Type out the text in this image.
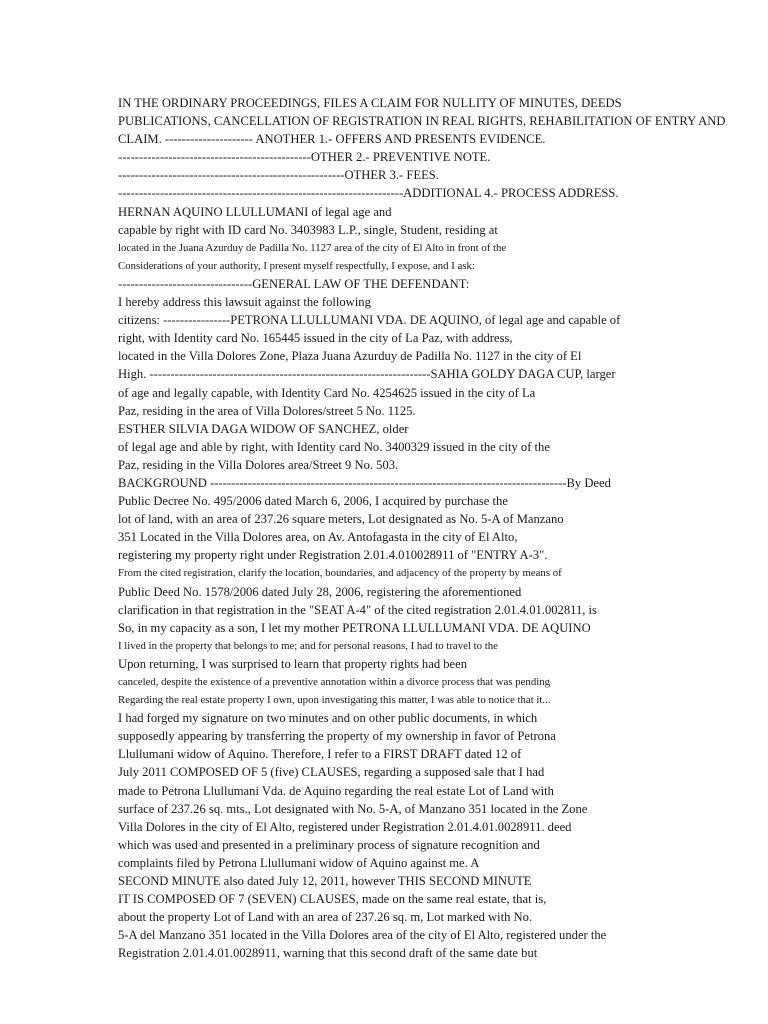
IN THE ORDINARY PROCEEDINGS, FILES A CLAIM FOR NULLITY OF MINUTES, DEEDS
PUBLICATIONS, CANCELLATION OF REGISTRATION IN REAL RIGHTS, REHABILITATION OF ENTRY AND
CLAIM. --------------------- ANOTHER 1.- OFFERS AND PRESENTS EVIDENCE.
----------------------------------------------OTHER 2.- PREVENTIVE NOTE.
------------------------------------------------------OTHER 3.- FEES.
--------------------------------------------------------------------ADDITIONAL 4.- PROCESS ADDRESS.
HERNAN AQUINO LLULLUMANI of legal age and
capable by right with ID card No. 3403983 L.P., single, Student, residing at
located in the Juana Azurduy de Padilla No. 1127 area of the city of El Alto in front of the
Considerations of your authority, I present myself respectfully, I expose, and I ask:
--------------------------------GENERAL LAW OF THE DEFENDANT:
I hereby address this lawsuit against the following
citizens: ----------------PETRONA LLULLUMANI VDA. DE AQUINO, of legal age and capable of
right, with Identity card No. 165445 issued in the city of La Paz, with address,
located in the Villa Dolores Zone, Plaza Juana Azurduy de Padilla No. 1127 in the city of El
High. -------------------------------------------------------------------SAHIA GOLDY DAGA CUP, larger
of age and legally capable, with Identity Card No. 4254625 issued in the city of La
Paz, residing in the area of Villa Dolores/street 5 No. 1125.
ESTHER SILVIA DAGA WIDOW OF SANCHEZ, older
of legal age and able by right, with Identity card No. 3400329 issued in the city of the
Paz, residing in the Villa Dolores area/Street 9 No. 503.
BACKGROUND -------------------------------------------------------------------------------------By Deed
Public Decree No. 495/2006 dated March 6, 2006, I acquired by purchase the
lot of land, with an area of 237.26 square meters, Lot designated as No. 5-A of Manzano
351 Located in the Villa Dolores area, on Av. Antofagasta in the city of El Alto,
registering my property right under Registration 2.01.4.010028911 of "ENTRY A-3".
From the cited registration, clarify the location, boundaries, and adjacency of the property by means of
Public Deed No. 1578/2006 dated July 28, 2006, registering the aforementioned
clarification in that registration in the "SEAT A-4" of the cited registration 2.01.4.01.002811, is
So, in my capacity as a son, I let my mother PETRONA LLULLUMANI VDA. DE AQUINO
I lived in the property that belongs to me; and for personal reasons, I had to travel to the
Upon returning, I was surprised to learn that property rights had been
canceled, despite the existence of a preventive annotation within a divorce process that was pending
Regarding the real estate property I own, upon investigating this matter, I was able to notice that it...
I had forged my signature on two minutes and on other public documents, in which
supposedly appearing by transferring the property of my ownership in favor of Petrona
Llullumani widow of Aquino. Therefore, I refer to a FIRST DRAFT dated 12 of
July 2011 COMPOSED OF 5 (five) CLAUSES, regarding a supposed sale that I had
made to Petrona Llullumani Vda. de Aquino regarding the real estate Lot of Land with
surface of 237.26 sq. mts., Lot designated with No. 5-A, of Manzano 351 located in the Zone
Villa Dolores in the city of El Alto, registered under Registration 2.01.4.01.0028911. deed
which was used and presented in a preliminary process of signature recognition and
complaints filed by Petrona Llullumani widow of Aquino against me. A
SECOND MINUTE also dated July 12, 2011, however THIS SECOND MINUTE
IT IS COMPOSED OF 7 (SEVEN) CLAUSES, made on the same real estate, that is,
about the property Lot of Land with an area of 237.26 sq. m, Lot marked with No.
5-A del Manzano 351 located in the Villa Dolores area of the city of El Alto, registered under the
Registration 2.01.4.01.0028911, warning that this second draft of the same date but
